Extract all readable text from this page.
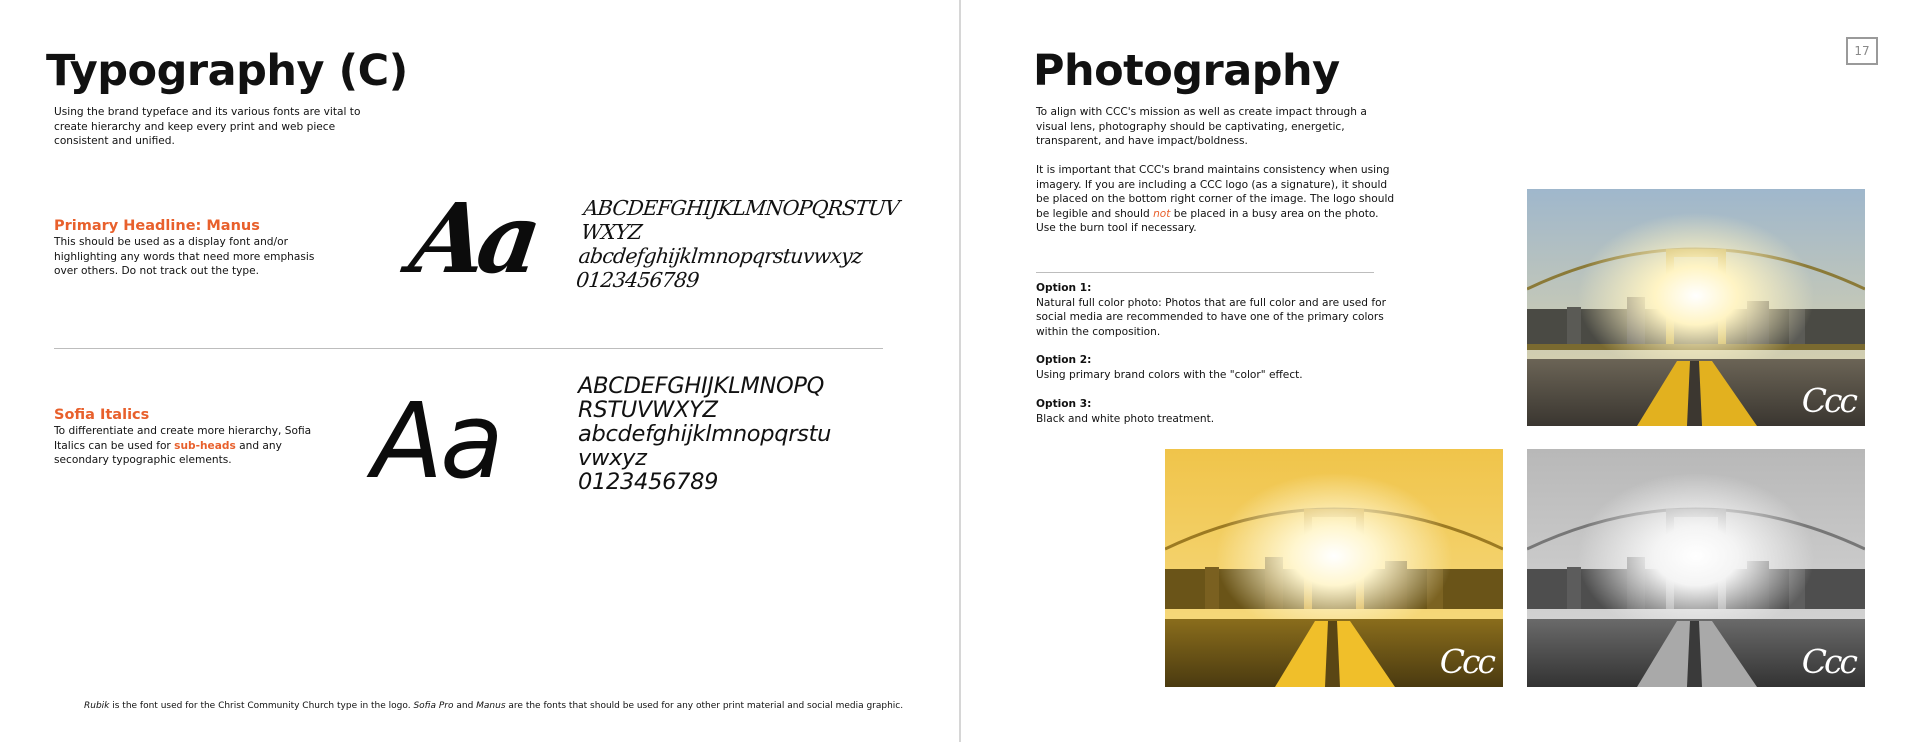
Typography (C)
Using the brand typeface and its various fonts are vital to create hierarchy and keep every print and web piece consistent and unified.
Primary Headline: Manus
This should be used as a display font and/or highlighting any words that need more emphasis over others. Do not track out the type.	Aa	ABCDEFGHIJKLMNOPQRSTUV
WXYZ
abcdefghijklmnopqrstuvwxyz
0123456789
Sofia Italics
To differentiate and create more hierarchy, Sofia Italics can be used for sub-heads and any secondary typographic elements.	Aa	ABCDEFGHIJKLMNOPQ
RSTUVWXYZ
abcdefghijklmnopqrstu
vwxyz
0123456789
Rubik is the font used for the Christ Community Church type in the logo. Sofia Pro and Manus are the fonts that should be used for any other print material and social media graphic.
17
Photography
To align with CCC's mission as well as create impact through a visual lens, photography should be captivating, energetic, transparent, and have impact/boldness.
It is important that CCC's brand maintains consistency when using imagery. If you are including a CCC logo (as a signature), it should be placed on the bottom right corner of the image. The logo should be legible and should not be placed in a busy area on the photo. Use the burn tool if necessary.
Option 1:
Natural full color photo: Photos that are full color and are used for social media are recommended to have one of the primary colors within the composition.
Option 2:
Using primary brand colors with the "color" effect.
Option 3:
Black and white photo treatment.	Ccc
Ccc	Ccc
